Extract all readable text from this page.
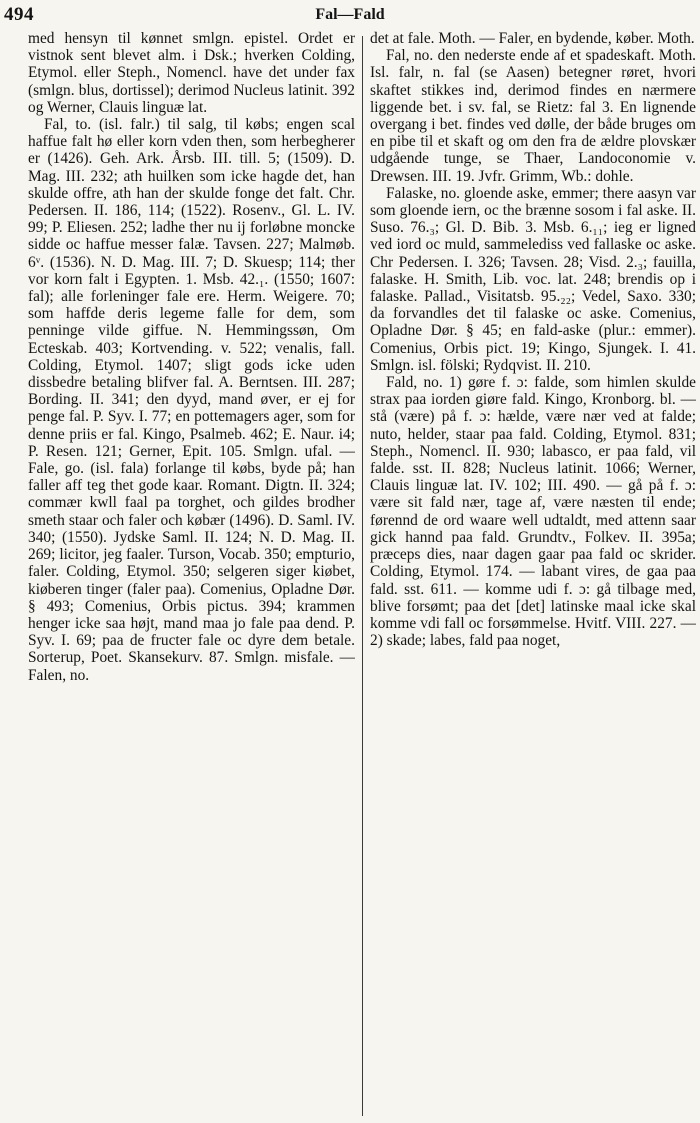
494	Fal—Fald

med hensyn til kønnet smlgn. epistel. Ordet er vistnok sent blevet alm. i Dsk.; hverken Colding, Etymol. eller Steph., Nomencl. have det under fax (smlgn. blus, dortissel); derimod Nucleus latinit. 392 og Werner, Clauis linguæ lat.

Fal, to. (isl. falr.) til salg, til købs; engen scal haffue falt hø eller korn vden then, som herbegherer er (1426). Geh. Ark. Årsb. III. till. 5; (1509). D. Mag. III. 232; ath huilken som icke hagde det, han skulde offre, ath han der skulde fonge det falt. Chr. Pedersen. II. 186, 114; (1522). Rosenv., Gl. L. IV. 99; P. Eliesen. 252; ladhe ther nu ij forløbne moncke sidde oc haffue messer falæ. Tavsen. 227; Malmøb. 6ᵛ. (1536). N. D. Mag. III. 7; D. Skuesp; 114; ther vor korn falt i Egypten. 1. Msb. 42.₁. (1550; 1607: fal); alle forleninger fale ere. Herm. Weigere. 70; som haffde deris legeme falle for dem, som penninge vilde giffue. N. Hemmingssøn, Om Ecteskab. 403; Kortvending. v. 522; venalis, fall. Colding, Etymol. 1407; sligt gods icke uden dissbedre betaling blifver fal. A. Berntsen. III. 287; Bording. II. 341; den dyyd, mand øver, er ej for penge fal. P. Syv. I. 77; en pottemagers ager, som for denne priis er fal. Kingo, Psalmeb. 462; E. Naur. i4; P. Resen. 121; Gerner, Epit. 105. Smlgn. ufal. — Fale, go. (isl. fala) forlange til købs, byde på; han faller aff teg thet gode kaar. Romant. Digtn. II. 324; commær kwll faal pa torghet, och gildes brodher smeth staar och faler och købær (1496). D. Saml. IV. 340; (1550). Jydske Saml. II. 124; N. D. Mag. II. 269; licitor, jeg faaler. Turson, Vocab. 350; empturio, faler. Colding, Etymol. 350; selgeren siger kiøbet, kiøberen tinger (faler paa). Comenius, Opladne Dør. § 493; Comenius, Orbis pictus. 394; krammen henger icke saa højt, mand maa jo fale paa dend. P. Syv. I. 69; paa de fructer fale oc dyre dem betale. Sorterup, Poet. Skansekurv. 87. Smlgn. misfale. — Falen, no.

det at fale. Moth. — Faler, en bydende, køber. Moth.

Fal, no. den nederste ende af et spadeskaft. Moth. Isl. falr, n. fal (se Aasen) betegner røret, hvori skaftet stikkes ind, derimod findes en nærmere liggende bet. i sv. fal, se Rietz: fal 3. En lignende overgang i bet. findes ved dølle, der både bruges om en pibe til et skaft og om den fra de ældre plovskær udgående tunge, se Thaer, Landoconomie v. Drewsen. III. 19. Jvfr. Grimm, Wb.: dohle.

Falaske, no. gloende aske, emmer; there aasyn var som gloende iern, oc the brænne sosom i fal aske. II. Suso. 76.₃; Gl. D. Bib. 3. Msb. 6.₁₁; ieg er ligned ved iord oc muld, sammelediss ved fallaske oc aske. Chr Pedersen. I. 326; Tavsen. 28; Visd. 2.₃; fauilla, falaske. H. Smith, Lib. voc. lat. 248; brendis op i falaske. Pallad., Visitatsb. 95.₂₂; Vedel, Saxo. 330; da forvandles det til falaske oc aske. Comenius, Opladne Dør. § 45; en fald-aske (plur.: emmer). Comenius, Orbis pict. 19; Kingo, Sjungek. I. 41. Smlgn. isl. fölski; Rydqvist. II. 210.

Fald, no. 1) gøre f. ɔ: falde, som himlen skulde strax paa iorden giøre fald. Kingo, Kronborg. bl. — stå (være) på f. ɔ: hælde, være nær ved at falde; nuto, helder, staar paa fald. Colding, Etymol. 831; Steph., Nomencl. II. 930; labasco, er paa fald, vil falde. sst. II. 828; Nucleus latinit. 1066; Werner, Clauis linguæ lat. IV. 102; III. 490. — gå på f. ɔ: være sit fald nær, tage af, være næsten til ende; førennd de ord waare well udtaldt, med attenn saar gick hannd paa fald. Grundtv., Folkev. II. 395a; præceps dies, naar dagen gaar paa fald oc skrider. Colding, Etymol. 174. — labant vires, de gaa paa fald. sst. 611. — komme udi f. ɔ: gå tilbage med, blive forsømt; paa det [det] latinske maal icke skal komme vdi fall oc forsømmelse. Hvitf. VIII. 227. — 2) skade; labes, fald paa noget,
